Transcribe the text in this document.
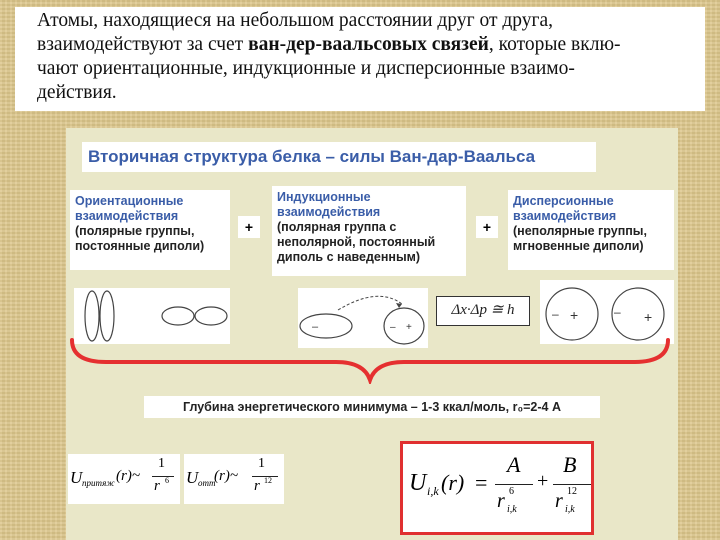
Атомы, находящиеся на небольшом расстоянии друг от друга,
взаимодействуют за счет ван-дер-ваальсовых связей, которые вклю-
чают ориентационные, индукционные и дисперсионные взаимо-
действия.
Вторичная структура белка – силы Ван-дар-Ваальса
Ориентационные
взаимодействия
(полярные группы,
постоянные диполи)
+
Индукционные
взаимодействия
(полярная группа с
неполярной, постоянный
диполь с наведенным)
+
Дисперсионные
взаимодействия
(неполярные группы,
мгновенные диполи)
–	– +
Δx·Δp ≅ h	– +	– +
Глубина энергетического минимума – 1-3 ккал/моль, r₀=2-4 А
U притяж (r)~
1
r 6 U отт
(r)~
1
r 12	U i,k (r) =
A
r 6
i,k
+
B
r 12
i,k
